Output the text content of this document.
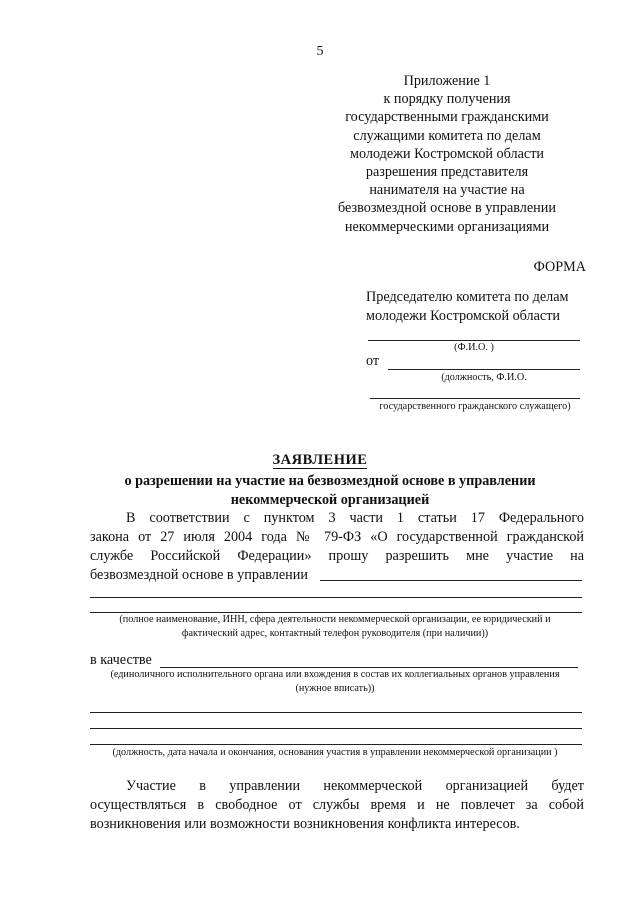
5
Приложение 1
к порядку получения
государственными гражданскими
служащими комитета по делам
молодежи Костромской области
разрешения представителя
нанимателя на участие на
безвозмездной основе в управлении
некоммерческими организациями
ФОРМА
Председателю комитета по делам
молодежи Костромской области
(Ф.И.О. )
от
(должность, Ф.И.О.
государственного гражданского служащего)
ЗАЯВЛЕНИЕ
о разрешении на участие на безвозмездной основе в управлении
некоммерческой организацией
В соответствии с пунктом 3 части 1 статьи 17 Федерального
закона от 27 июля 2004 года № 79-ФЗ «О государственной гражданской
службе Российской Федерации» прошу разрешить мне участие на
безвозмездной основе в управлении
(полное наименование, ИНН, сфера деятельности некоммерческой организации, ее юридический и
фактический адрес, контактный телефон руководителя (при наличии))
в качестве
(единоличного исполнительного органа или вхождения в состав их коллегиальных органов управления
(нужное вписать))
(должность, дата начала и окончания, основания участия в управлении некоммерческой организации )
Участие в управлении некоммерческой организацией будет
осуществляться в свободное от службы время и не повлечет за собой
возникновения или возможности возникновения конфликта интересов.
